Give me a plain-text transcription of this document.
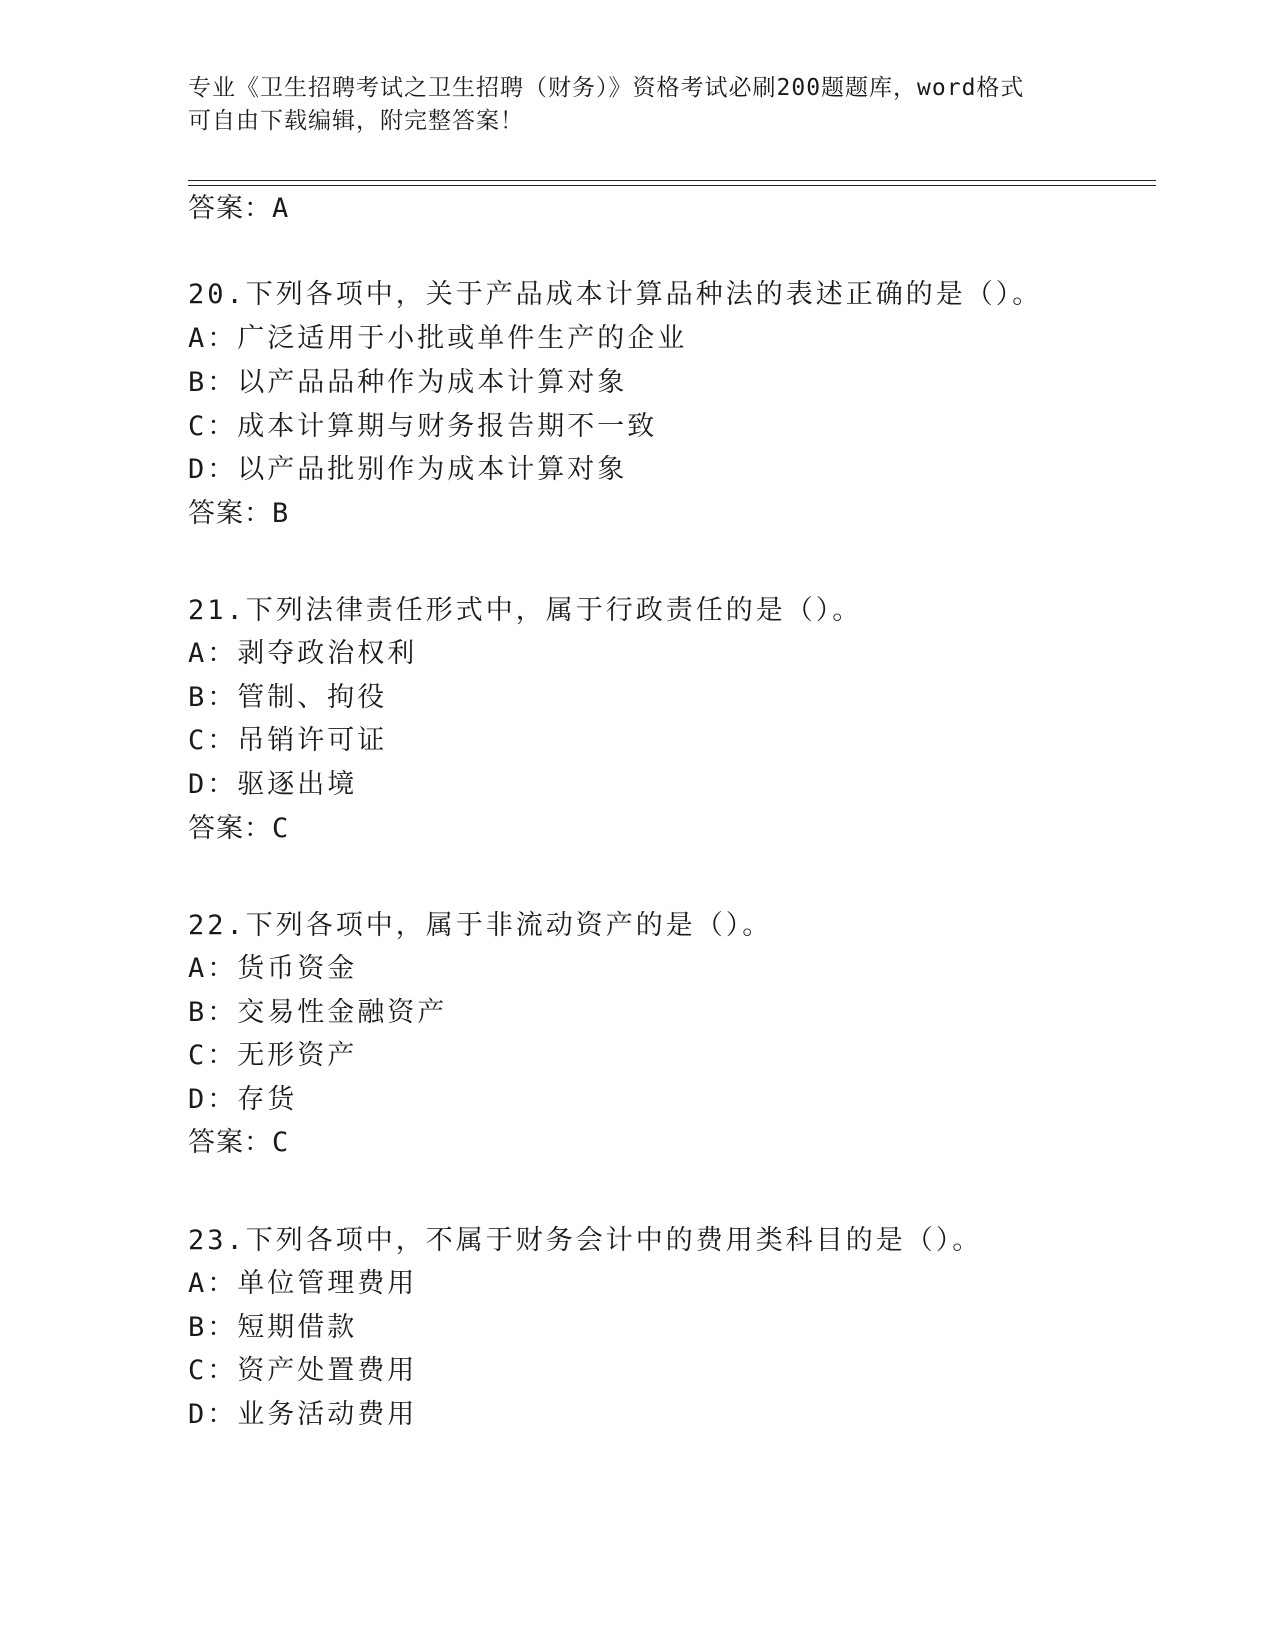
专业《卫生招聘考试之卫生招聘（财务）》资格考试必刷200题题库，word格式
可自由下载编辑，附完整答案！
答案：A
20.下列各项中，关于产品成本计算品种法的表述正确的是（）。
A：广泛适用于小批或单件生产的企业
B：以产品品种作为成本计算对象
C：成本计算期与财务报告期不一致
D：以产品批别作为成本计算对象
答案：B
21.下列法律责任形式中，属于行政责任的是（）。
A：剥夺政治权利
B：管制、拘役
C：吊销许可证
D：驱逐出境
答案：C
22.下列各项中，属于非流动资产的是（）。
A：货币资金
B：交易性金融资产
C：无形资产
D：存货
答案：C
23.下列各项中，不属于财务会计中的费用类科目的是（）。
A：单位管理费用
B：短期借款
C：资产处置费用
D：业务活动费用
